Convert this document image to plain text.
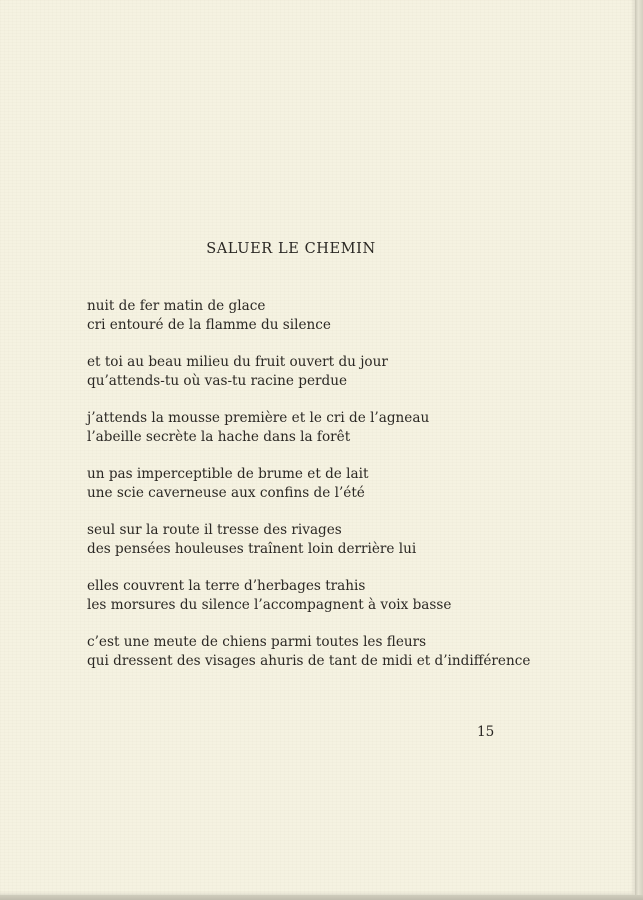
SALUER LE CHEMIN
nuit de fer matin de glace
cri entouré de la flamme du silence
et toi au beau milieu du fruit ouvert du jour
qu’attends-tu où vas-tu racine perdue
j’attends la mousse première et le cri de l’agneau
l’abeille secrète la hache dans la forêt
un pas imperceptible de brume et de lait
une scie caverneuse aux confins de l’été
seul sur la route il tresse des rivages
des pensées houleuses traînent loin derrière lui
elles couvrent la terre d’herbages trahis
les morsures du silence l’accompagnent à voix basse
c’est une meute de chiens parmi toutes les fleurs
qui dressent des visages ahuris de tant de midi et d’indifférence
15
